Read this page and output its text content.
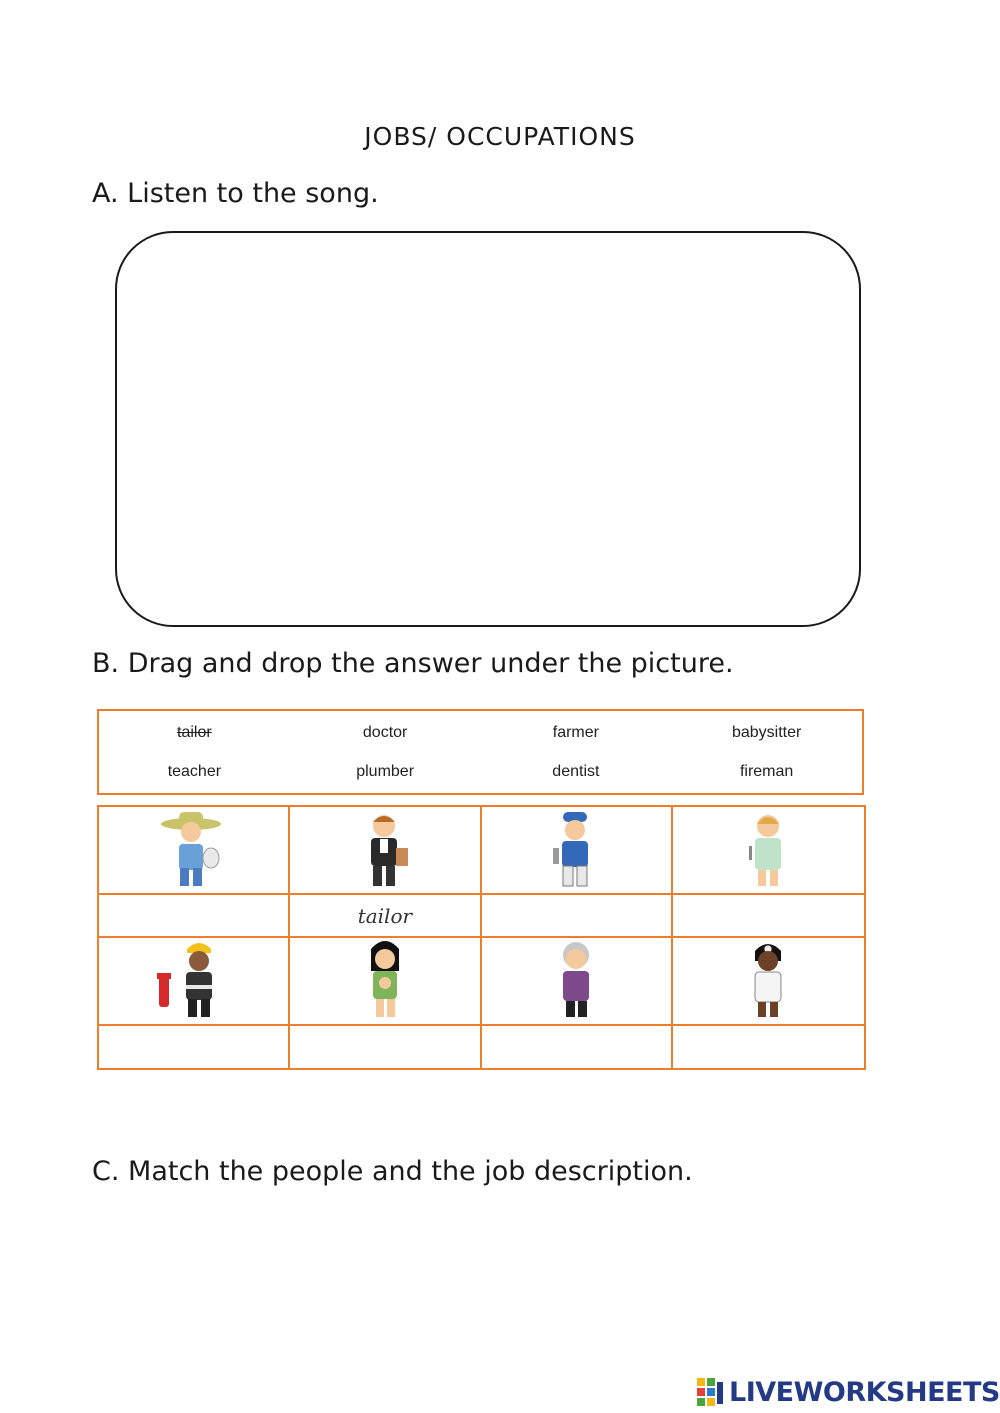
JOBS/ OCCUPATIONS
A. Listen to the song.
B. Drag and drop the answer under the picture.
tailor	doctor	farmer	babysitter
teacher	plumber	dentist	fireman
tailor
C. Match the people and the job description.
LIVEWORKSHEETS
